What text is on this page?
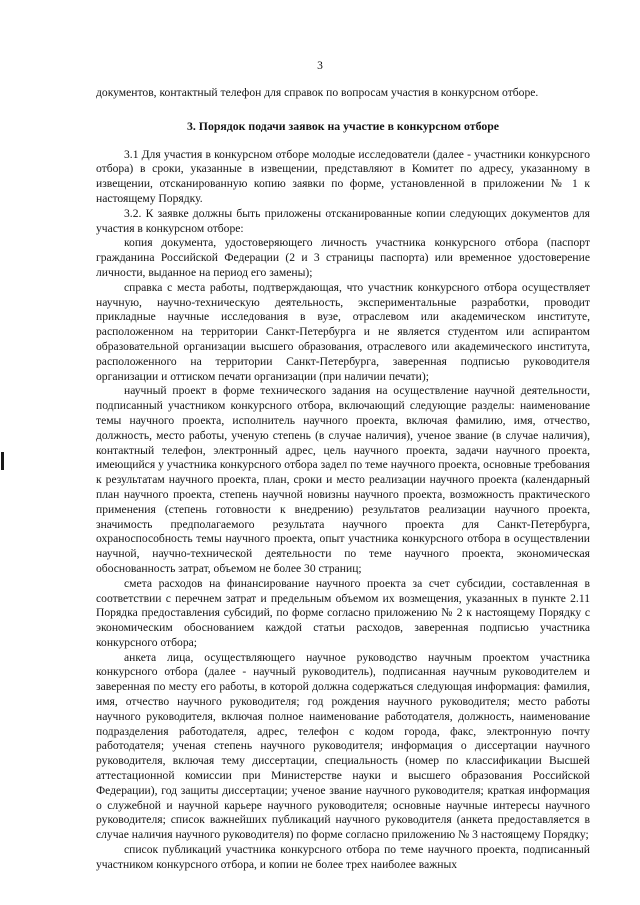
3

документов, контактный телефон для справок по вопросам участия в конкурсном отборе.

3. Порядок подачи заявок на участие в конкурсном отборе

3.1 Для участия в конкурсном отборе молодые исследователи (далее - участники конкурсного отбора) в сроки, указанные в извещении, представляют в Комитет по адресу, указанному в извещении, отсканированную копию заявки по форме, установленной в приложении № 1 к настоящему Порядку.

3.2. К заявке должны быть приложены отсканированные копии следующих документов для участия в конкурсном отборе:

копия документа, удостоверяющего личность участника конкурсного отбора (паспорт гражданина Российской Федерации (2 и 3 страницы паспорта) или временное удостоверение личности, выданное на период его замены);

справка с места работы, подтверждающая, что участник конкурсного отбора осуществляет научную, научно-техническую деятельность, экспериментальные разработки, проводит прикладные научные исследования в вузе, отраслевом или академическом институте, расположенном на территории Санкт-Петербурга и не является студентом или аспирантом образовательной организации высшего образования, отраслевого или академического института, расположенного на территории Санкт-Петербурга, заверенная подписью руководителя организации и оттиском печати организации (при наличии печати);

научный проект в форме технического задания на осуществление научной деятельности, подписанный участником конкурсного отбора, включающий следующие разделы: наименование темы научного проекта, исполнитель научного проекта, включая фамилию, имя, отчество, должность, место работы, ученую степень (в случае наличия), ученое звание (в случае наличия), контактный телефон, электронный адрес, цель научного проекта, задачи научного проекта, имеющийся у участника конкурсного отбора задел по теме научного проекта, основные требования к результатам научного проекта, план, сроки и место реализации научного проекта (календарный план научного проекта, степень научной новизны научного проекта, возможность практического применения (степень готовности к внедрению) результатов реализации научного проекта, значимость предполагаемого результата научного проекта для Санкт-Петербурга, охраноспособность темы научного проекта, опыт участника конкурсного отбора в осуществлении научной, научно-технической деятельности по теме научного проекта, экономическая обоснованность затрат, объемом не более 30 страниц;

смета расходов на финансирование научного проекта за счет субсидии, составленная в соответствии с перечнем затрат и предельным объемом их возмещения, указанных в пункте 2.11 Порядка предоставления субсидий, по форме согласно приложению № 2 к настоящему Порядку с экономическим обоснованием каждой статьи расходов, заверенная подписью участника конкурсного отбора;

анкета лица, осуществляющего научное руководство научным проектом участника конкурсного отбора (далее - научный руководитель), подписанная научным руководителем и заверенная по месту его работы, в которой должна содержаться следующая информация: фамилия, имя, отчество научного руководителя; год рождения научного руководителя; место работы научного руководителя, включая полное наименование работодателя, должность, наименование подразделения работодателя, адрес, телефон с кодом города, факс, электронную почту работодателя; ученая степень научного руководителя; информация о диссертации научного руководителя, включая тему диссертации, специальность (номер по классификации Высшей аттестационной комиссии при Министерстве науки и высшего образования Российской Федерации), год защиты диссертации; ученое звание научного руководителя; краткая информация о служебной и научной карьере научного руководителя; основные научные интересы научного руководителя; список важнейших публикаций научного руководителя (анкета предоставляется в случае наличия научного руководителя) по форме согласно приложению № 3 настоящему Порядку;

список публикаций участника конкурсного отбора по теме научного проекта, подписанный участником конкурсного отбора, и копии не более трех наиболее важных
